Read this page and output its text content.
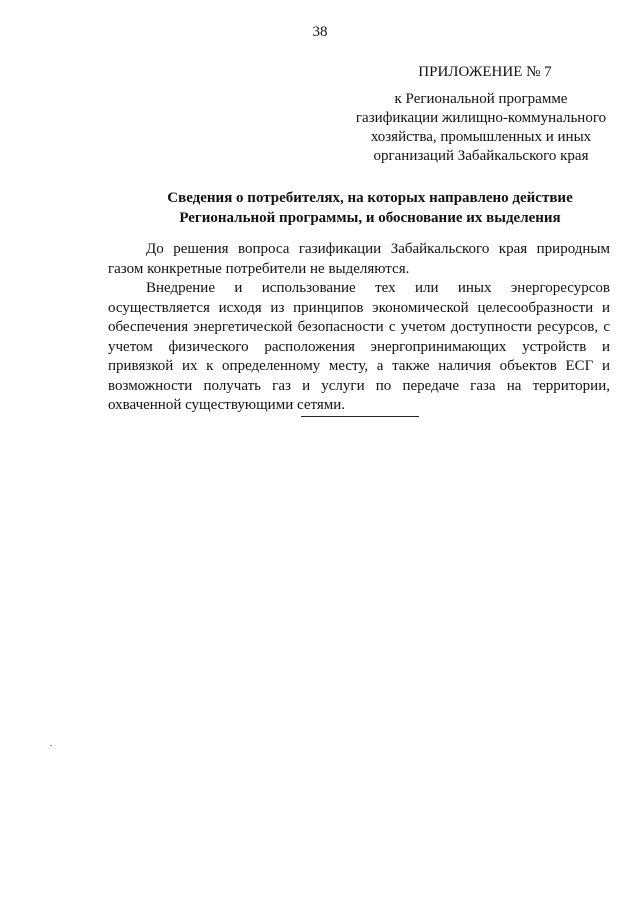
38
ПРИЛОЖЕНИЕ № 7
к Региональной программе
газификации жилищно-коммунального
хозяйства, промышленных и иных
организаций Забайкальского края
Сведения о потребителях, на которых направлено действие
Региональной программы, и обоснование их выделения

До решения вопроса газификации Забайкальского края природным газом конкретные потребители не выделяются.

Внедрение и использование тех или иных энергоресурсов осуществляется исходя из принципов экономической целесообразности и обеспечения энергетической безопасности с учетом доступности ресурсов, с учетом физического расположения энергопринимающих устройств и привязкой их к определенному месту, а также наличия объектов ЕСГ и возможности получать газ и услуги по передаче газа на территории, охваченной существующими сетями.
